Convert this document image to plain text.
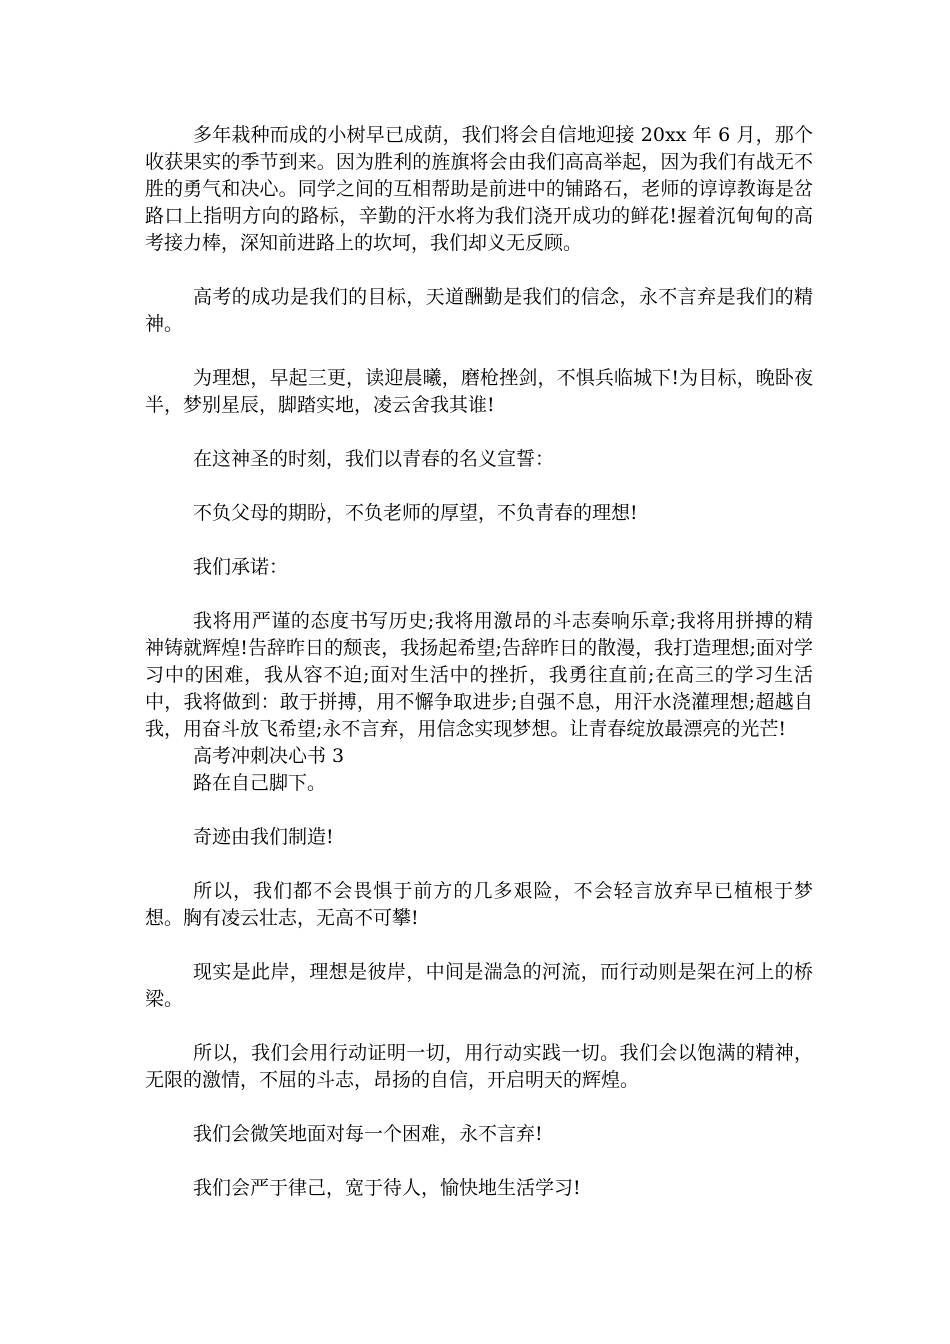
多年栽种而成的小树早已成荫，我们将会自信地迎接 20xx 年 6 月，那个收获果实的季节到来。因为胜利的旌旗将会由我们高高举起，因为我们有战无不胜的勇气和决心。同学之间的互相帮助是前进中的铺路石，老师的谆谆教诲是岔路口上指明方向的路标，辛勤的汗水将为我们浇开成功的鲜花!握着沉甸甸的高考接力棒，深知前进路上的坎坷，我们却义无反顾。

高考的成功是我们的目标，天道酬勤是我们的信念，永不言弃是我们的精神。

为理想，早起三更，读迎晨曦，磨枪挫剑，不惧兵临城下!为目标，晚卧夜半，梦别星辰，脚踏实地，凌云舍我其谁!

在这神圣的时刻，我们以青春的名义宣誓：

不负父母的期盼，不负老师的厚望，不负青春的理想!

我们承诺：

我将用严谨的态度书写历史;我将用激昂的斗志奏响乐章;我将用拼搏的精神铸就辉煌!告辞昨日的颓丧，我扬起希望;告辞昨日的散漫，我打造理想;面对学习中的困难，我从容不迫;面对生活中的挫折，我勇往直前;在高三的学习生活中，我将做到：敢于拼搏，用不懈争取进步;自强不息，用汗水浇灌理想;超越自我，用奋斗放飞希望;永不言弃，用信念实现梦想。让青春绽放最漂亮的光芒!

高考冲刺决心书 3

路在自己脚下。

奇迹由我们制造!

所以，我们都不会畏惧于前方的几多艰险，不会轻言放弃早已植根于梦想。胸有凌云壮志，无高不可攀!

现实是此岸，理想是彼岸，中间是湍急的河流，而行动则是架在河上的桥梁。

所以，我们会用行动证明一切，用行动实践一切。我们会以饱满的精神，无限的激情，不屈的斗志，昂扬的自信，开启明天的辉煌。

我们会微笑地面对每一个困难，永不言弃!

我们会严于律己，宽于待人，愉快地生活学习!
